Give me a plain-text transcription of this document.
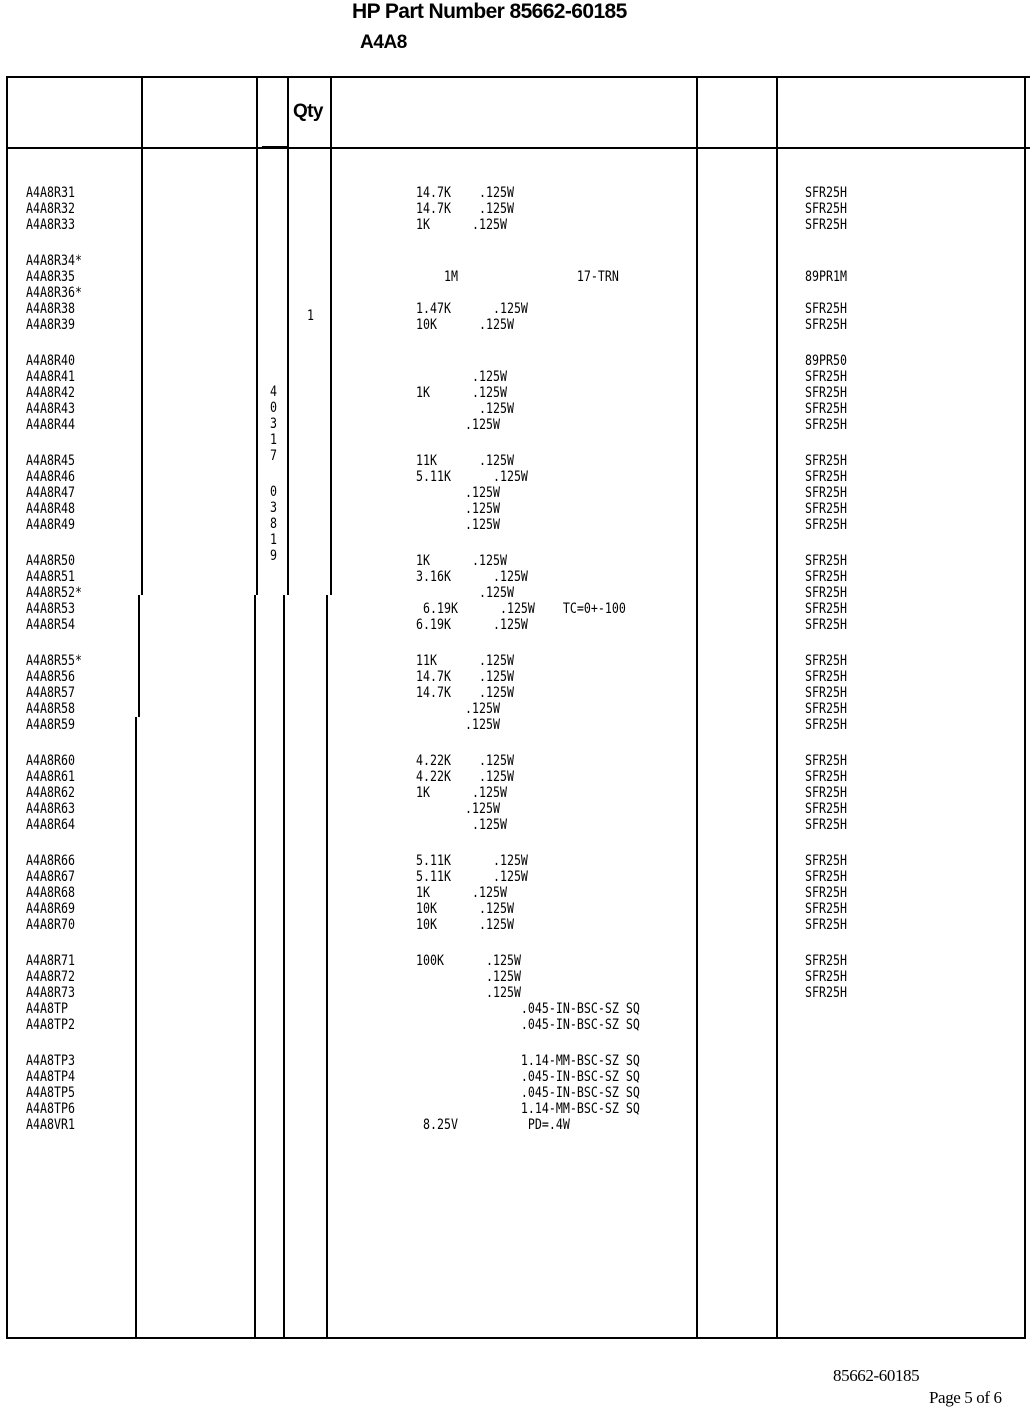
HP Part Number 85662-60185
A4A8
Qty

A4A8R31
A4A8R32
A4A8R33
A4A8R34*
A4A8R35
A4A8R36*
A4A8R38
A4A8R39
A4A8R40
A4A8R41
A4A8R42
A4A8R43
A4A8R44
A4A8R45
A4A8R46
A4A8R47
A4A8R48
A4A8R49
A4A8R50
A4A8R51
A4A8R52*
A4A8R53
A4A8R54
A4A8R55*
A4A8R56
A4A8R57
A4A8R58
A4A8R59
A4A8R60
A4A8R61
A4A8R62
A4A8R63
A4A8R64
A4A8R66
A4A8R67
A4A8R68
A4A8R69
A4A8R70
A4A8R71
A4A8R72
A4A8R73
A4A8TP
A4A8TP2
A4A8TP3
A4A8TP4
A4A8TP5
A4A8TP6
A4A8VR1

4
0
3
1
7
0
3
8
1
9

1

14.7K    .125W
14.7K    .125W
1K      .125W
1M                 17-TRN
1.47K      .125W
10K      .125W
.125W
1K      .125W
.125W
.125W
11K      .125W
5.11K      .125W
.125W
.125W
.125W
1K      .125W
3.16K      .125W
.125W
6.19K      .125W    TC=0+-100
6.19K      .125W
11K      .125W
14.7K    .125W
14.7K    .125W
.125W
.125W
4.22K    .125W
4.22K    .125W
1K      .125W
.125W
.125W
5.11K      .125W
5.11K      .125W
1K      .125W
10K      .125W
10K      .125W
100K      .125W
.125W
.125W
.045-IN-BSC-SZ SQ
.045-IN-BSC-SZ SQ
1.14-MM-BSC-SZ SQ
.045-IN-BSC-SZ SQ
.045-IN-BSC-SZ SQ
1.14-MM-BSC-SZ SQ
8.25V          PD=.4W

SFR25H
SFR25H
SFR25H
89PR1M
SFR25H
SFR25H
89PR50
SFR25H
SFR25H
SFR25H
SFR25H
SFR25H
SFR25H
SFR25H
SFR25H
SFR25H
SFR25H
SFR25H
SFR25H
SFR25H
SFR25H
SFR25H
SFR25H
SFR25H
SFR25H
SFR25H
SFR25H
SFR25H
SFR25H
SFR25H
SFR25H
SFR25H
SFR25H
SFR25H
SFR25H
SFR25H
SFR25H
SFR25H
SFR25H

85662-60185
Page 5 of 6
